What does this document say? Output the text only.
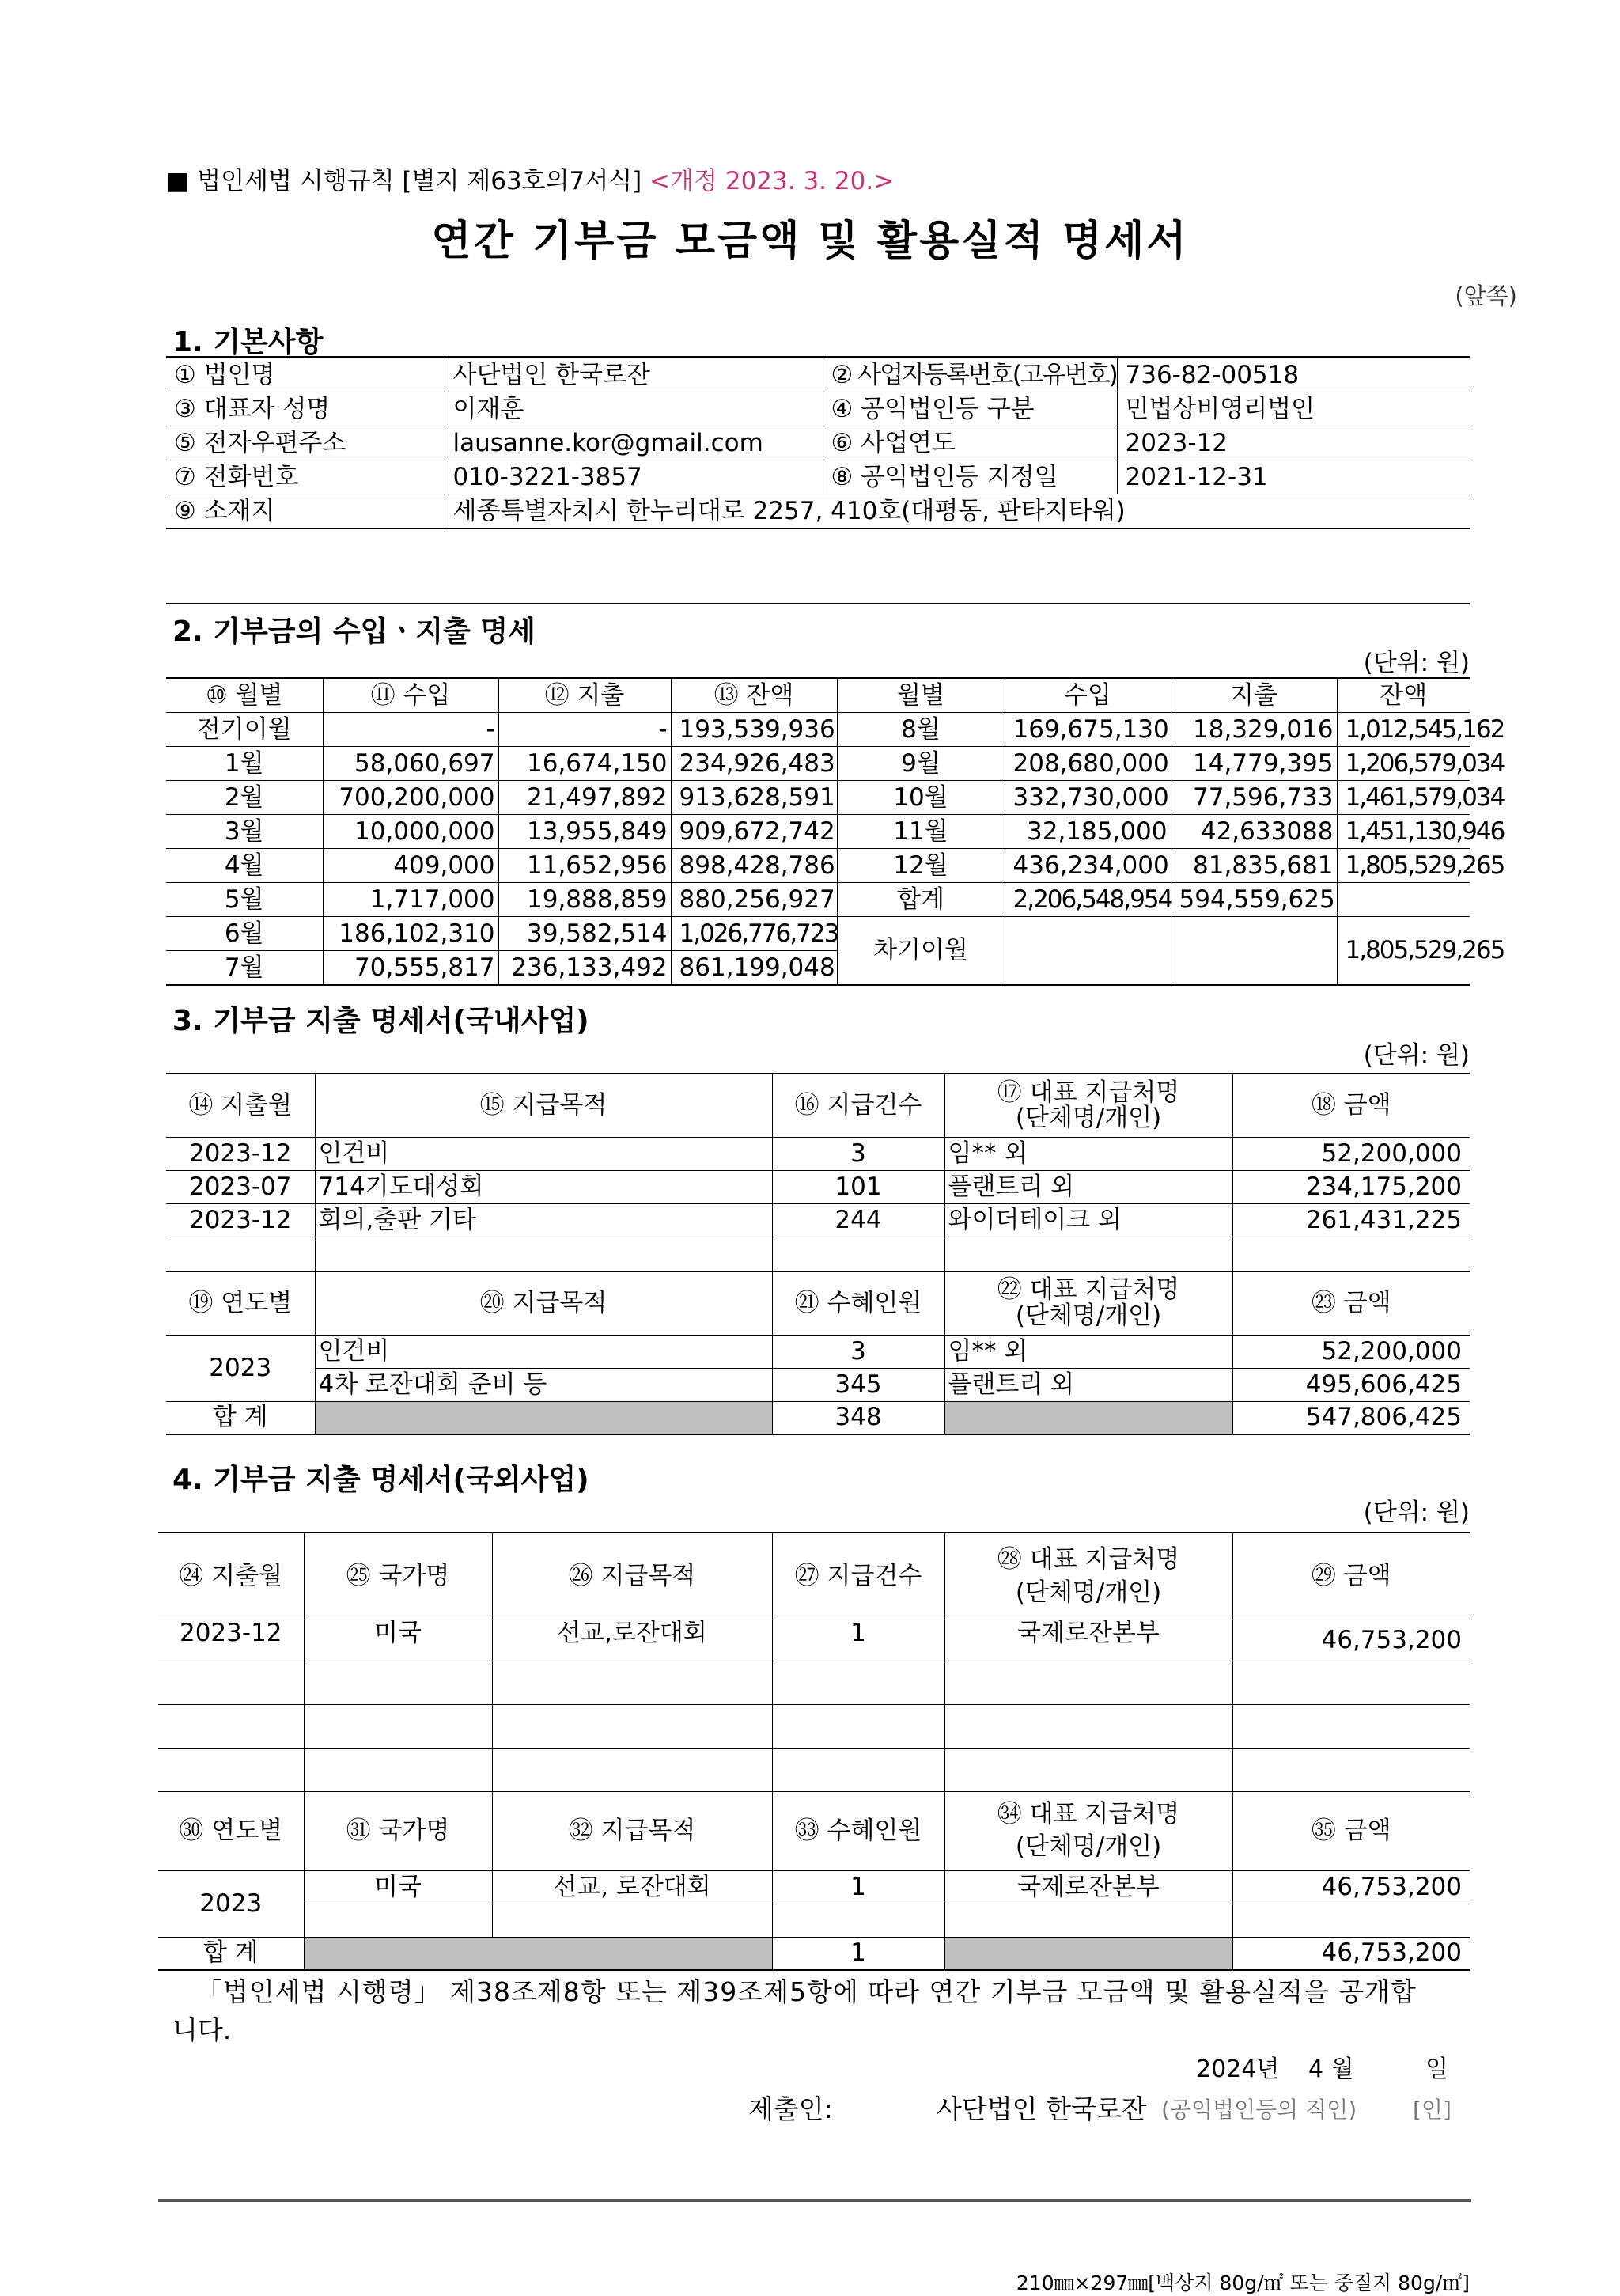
■ 법인세법 시행규칙 [별지 제63호의7서식] <개정 2023. 3. 20.>
연간 기부금 모금액 및 활용실적 명세서
(앞쪽)
1. 기본사항
① 법인명	사단법인 한국로잔	② 사업자등록번호(고유번호)	736-82-00518
③ 대표자 성명	이재훈	④ 공익법인등 구분	민법상비영리법인
⑤ 전자우편주소	lausanne.kor@gmail.com	⑥ 사업연도	2023-12
⑦ 전화번호	010-3221-3857	⑧ 공익법인등 지정일	2021-12-31
⑨ 소재지	세종특별자치시 한누리대로 2257, 410호(대평동, 판타지타워)		
2. 기부금의 수입ㆍ지출 명세
(단위: 원)
⑩ 월별	⑪ 수입	⑫ 지출	⑬ 잔액	월별	수입	지출	잔액
전기이월	-	-	193,539,936	8월	169,675,130	18,329,016	1,012,545,162
1월	58,060,697	16,674,150	234,926,483	9월	208,680,000	14,779,395	1,206,579,034
2월	700,200,000	21,497,892	913,628,591	10월	332,730,000	77,596,733	1,461,579,034
3월	10,000,000	13,955,849	909,672,742	11월	32,185,000	42,633088	1,451,130,946
4월	409,000	11,652,956	898,428,786	12월	436,234,000	81,835,681	1,805,529,265
5월	1,717,000	19,888,859	880,256,927	합계	2,206,548,954	594,559,625	
6월	186,102,310	39,582,514	1,026,776,723	차기이월			1,805,529,265
7월	70,555,817	236,133,492	861,199,048				
3. 기부금 지출 명세서(국내사업)
(단위: 원)
⑭ 지출월	⑮ 지급목적	⑯ 지급건수	⑰ 대표 지급처명
(단체명/개인)	⑱ 금액
2023-12	인건비	3	임** 외	52,200,000
2023-07	714기도대성회	101	플랜트리 외	234,175,200
2023-12	회의,출판 기타	244	와이더테이크 외	261,431,225

⑲ 연도별	⑳ 지급목적	㉑ 수혜인원	㉒ 대표 지급처명
(단체명/개인)	㉓ 금액
2023	인건비	3	임** 외	52,200,000
	4차 로잔대회 준비 등	345	플랜트리 외	495,606,425
합 계		348		547,806,425
4. 기부금 지출 명세서(국외사업)
(단위: 원)
㉔ 지출월	㉕ 국가명	㉖ 지급목적	㉗ 지급건수	㉘ 대표 지급처명
(단체명/개인)	㉙ 금액
2023-12	미국	선교,로잔대회	1	국제로잔본부	46,753,200

㉚ 연도별	㉛ 국가명	㉜ 지급목적	㉝ 수혜인원	㉞ 대표 지급처명
(단체명/개인)	㉟ 금액
2023	미국	선교, 로잔대회	1	국제로잔본부	46,753,200

합 계			1		46,753,200
「법인세법 시행령」 제38조제8항 또는 제39조제5항에 따라 연간 기부금 모금액 및 활용실적을 공개합
니다.
2024년 4 월	일
제출인:	사단법인 한국로잔 (공익법인등의 직인)	[인]
210㎜×297㎜[백상지 80g/㎡ 또는 중질지 80g/㎡]
